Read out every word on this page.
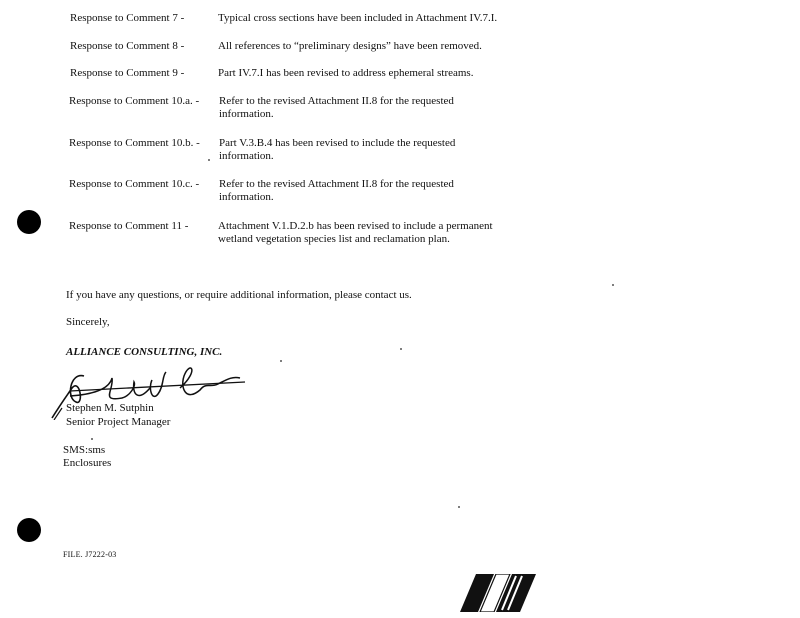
Response to Comment 7 -	Typical cross sections have been included in Attachment IV.7.I.
Response to Comment 8 -	All references to “preliminary designs” have been removed.
Response to Comment 9 -	Part IV.7.I has been revised to address ephemeral streams.
Response to Comment 10.a. - Refer to the revised Attachment II.8 for the requested information.
Response to Comment 10.b. - Part V.3.B.4 has been revised to include the requested information.
Response to Comment 10.c. - Refer to the revised Attachment II.8 for the requested information.
Response to Comment 11 -	Attachment V.1.D.2.b has been revised to include a permanent wetland vegetation species list and reclamation plan.
If you have any questions, or require additional information, please contact us.
Sincerely,
ALLIANCE CONSULTING, INC.
Stephen M. Sutphin
Senior Project Manager
SMS:sms
Enclosures
FILE. J7222-03
